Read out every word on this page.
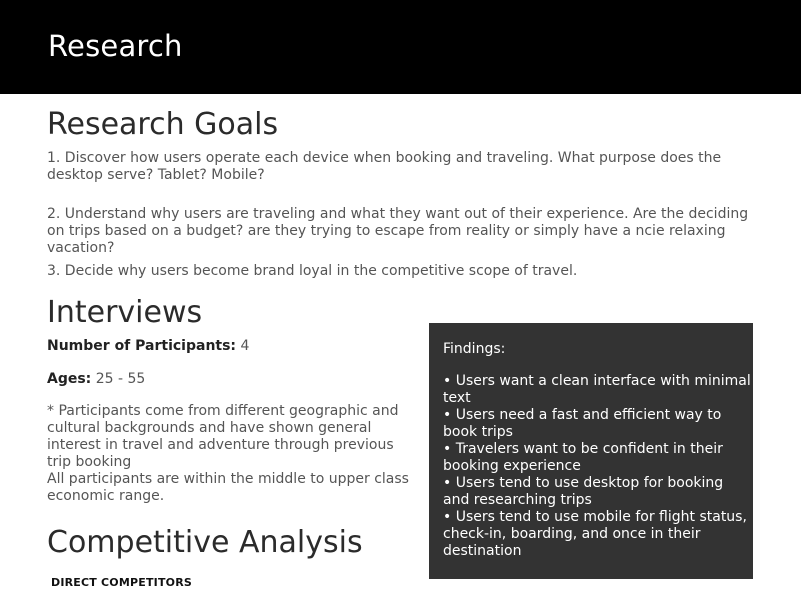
Research
Research Goals
1. Discover how users operate each device when booking and traveling. What purpose does the desktop serve? Tablet? Mobile?
2. Understand why users are traveling and what they want out of their experience. Are the deciding on trips based on a budget? are they trying to escape from reality or simply have a ncie relaxing vacation?
3. Decide why users become brand loyal in the competitive scope of travel.
Interviews
Number of Participants: 4
Ages: 25 - 55
* Participants come from different geographic and cultural backgrounds and have shown general interest in travel and adventure through previous trip booking
All participants are within the middle to upper class economic range.
Findings:
• Users want a clean interface with minimal text
• Users need a fast and efficient way to book trips
• Travelers want to be confident in their booking experience
• Users tend to use desktop for booking and researching trips
• Users tend to use mobile for flight status, check-in, boarding, and once in their destination
Competitive Analysis
DIRECT COMPETITORS
